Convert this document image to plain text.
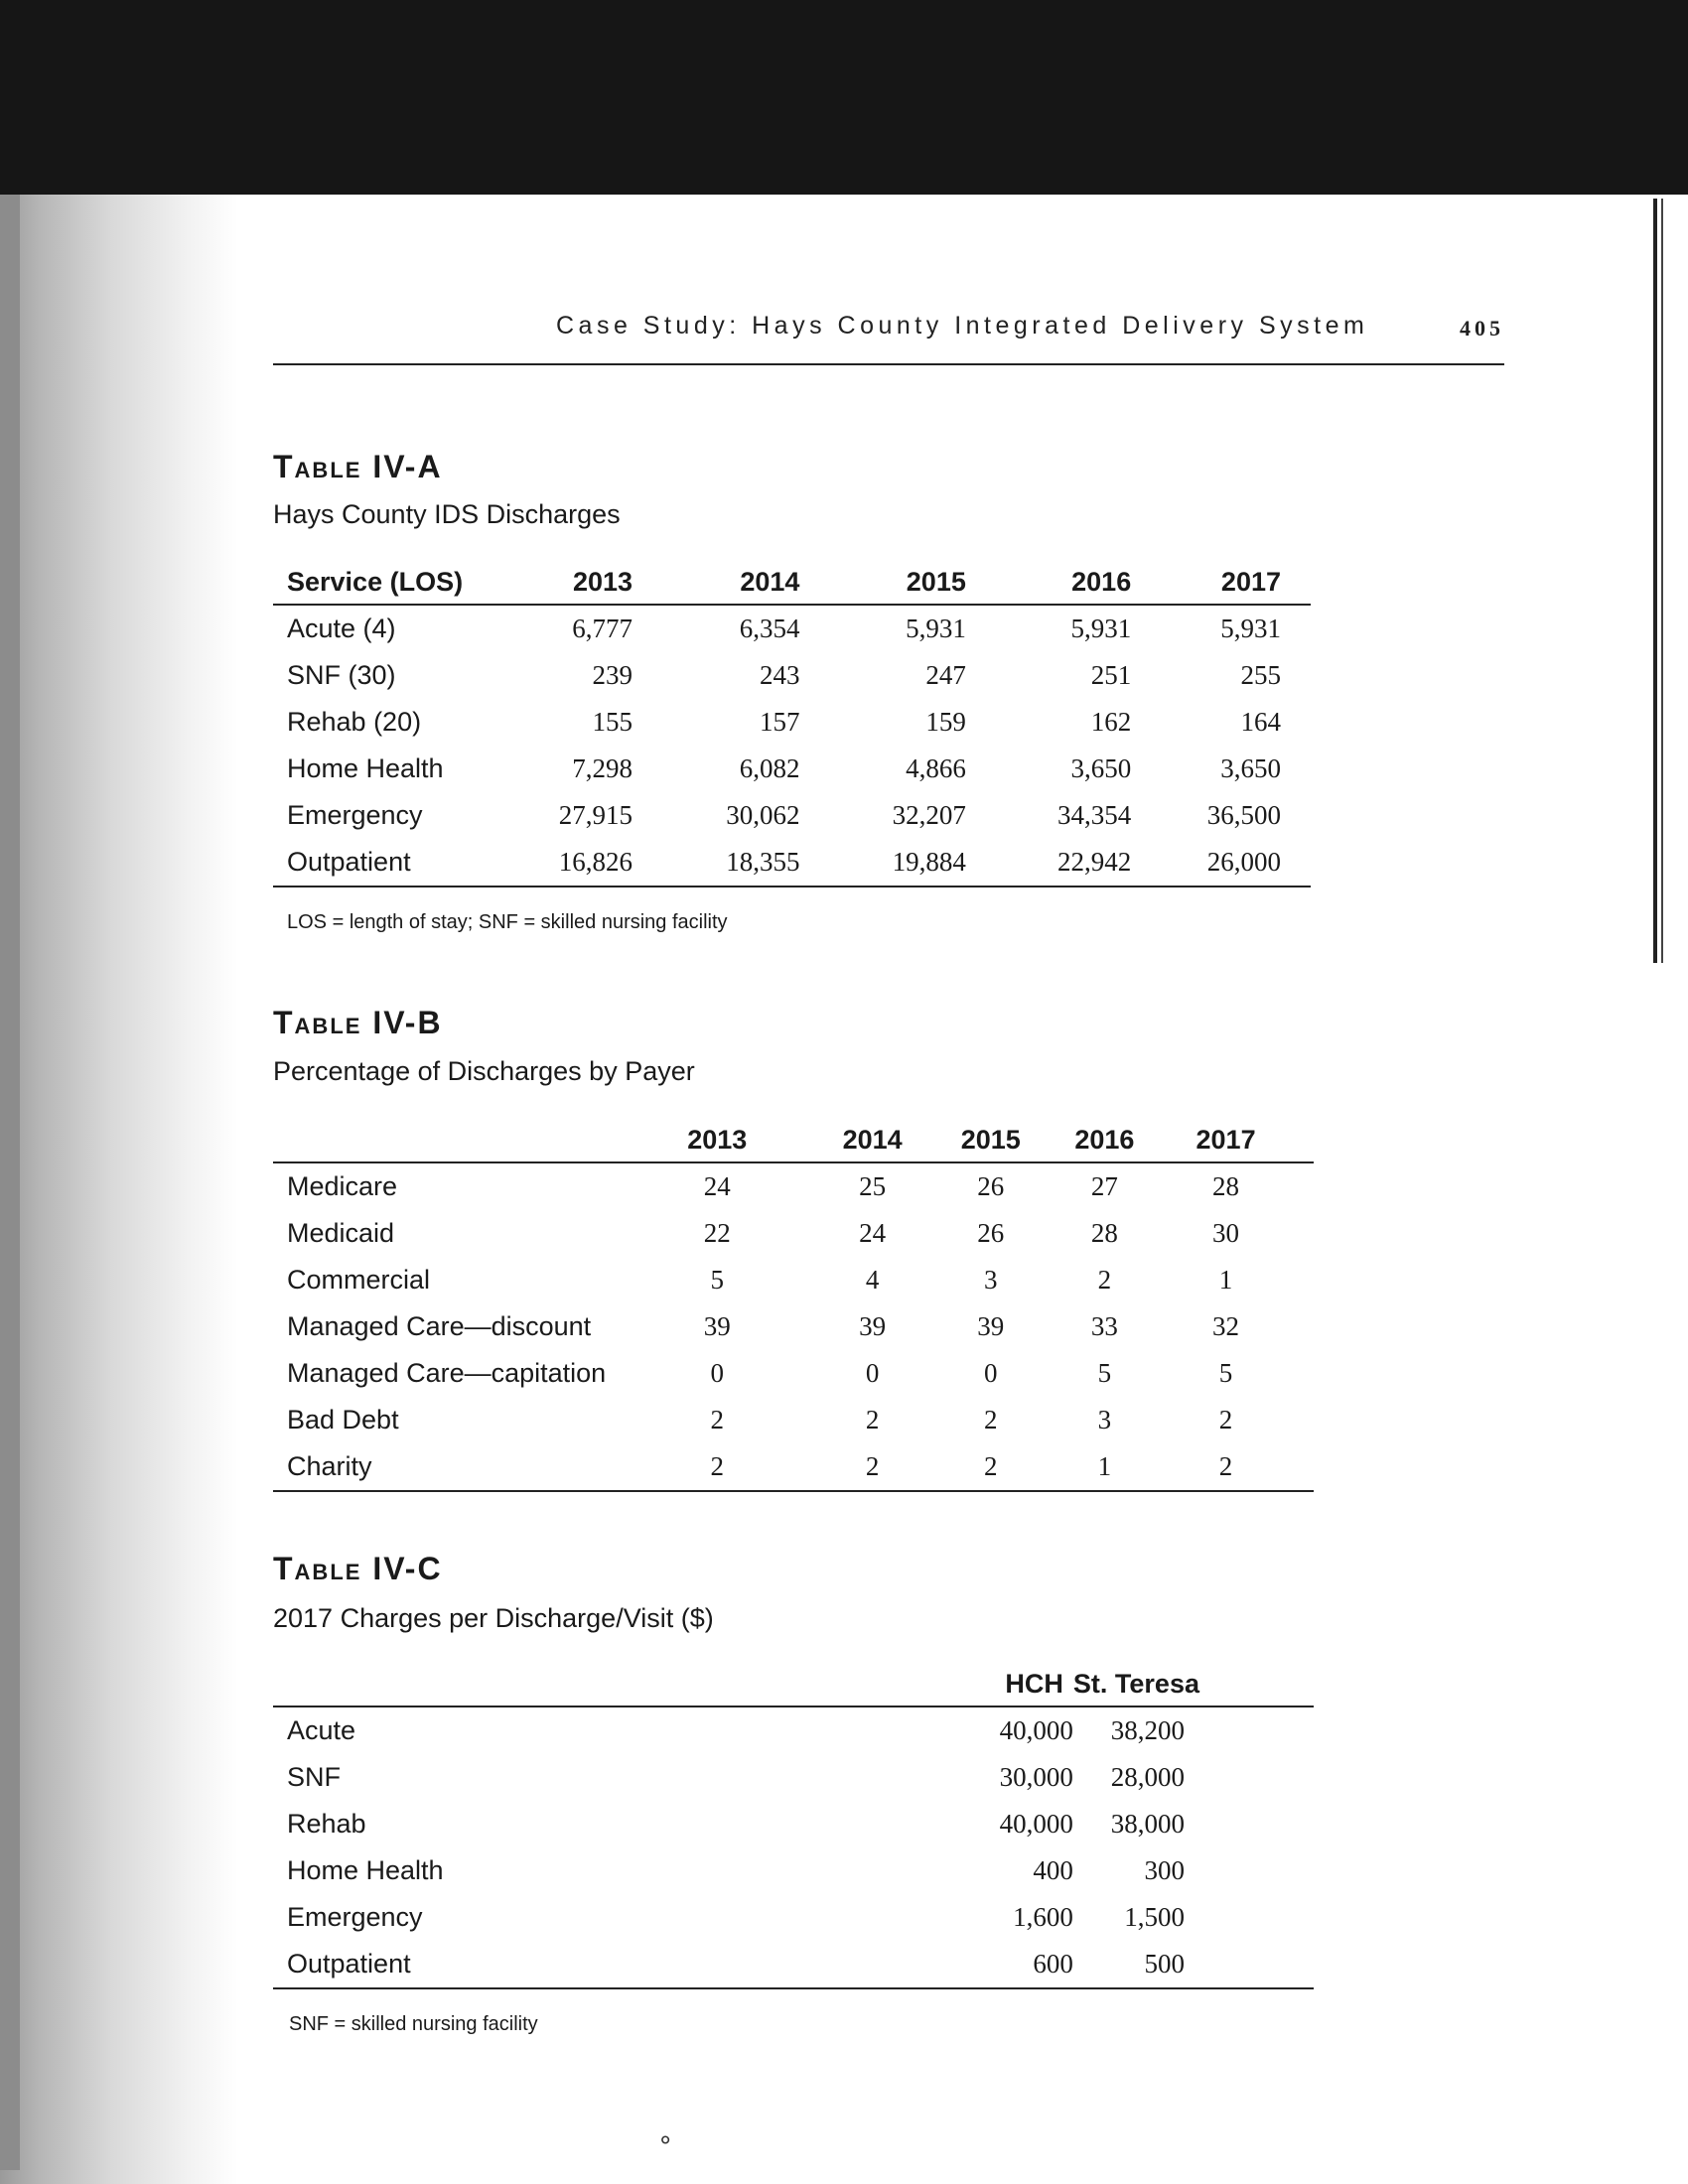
Case Study: Hays County Integrated Delivery System	405
Table IV-A
Hays County IDS Discharges
Service (LOS)	2013	2014	2015	2016	2017
Acute (4)	6,777	6,354	5,931	5,931	5,931
SNF (30)	239	243	247	251	255
Rehab (20)	155	157	159	162	164
Home Health	7,298	6,082	4,866	3,650	3,650
Emergency	27,915	30,062	32,207	34,354	36,500
Outpatient	16,826	18,355	19,884	22,942	26,000
LOS = length of stay; SNF = skilled nursing facility
Table IV-B
Percentage of Discharges by Payer
	2013	2014	2015	2016	2017
Medicare	24	25	26	27	28
Medicaid	22	24	26	28	30
Commercial	5	4	3	2	1
Managed Care—discount	39	39	39	33	32
Managed Care—capitation	0	0	0	5	5
Bad Debt	2	2	2	3	2
Charity	2	2	2	1	2
Table IV-C
2017 Charges per Discharge/Visit ($)
	HCH	St. Teresa
Acute	40,000	38,200
SNF	30,000	28,000
Rehab	40,000	38,000
Home Health	400	300
Emergency	1,600	1,500
Outpatient	600	500
SNF = skilled nursing facility
∘
